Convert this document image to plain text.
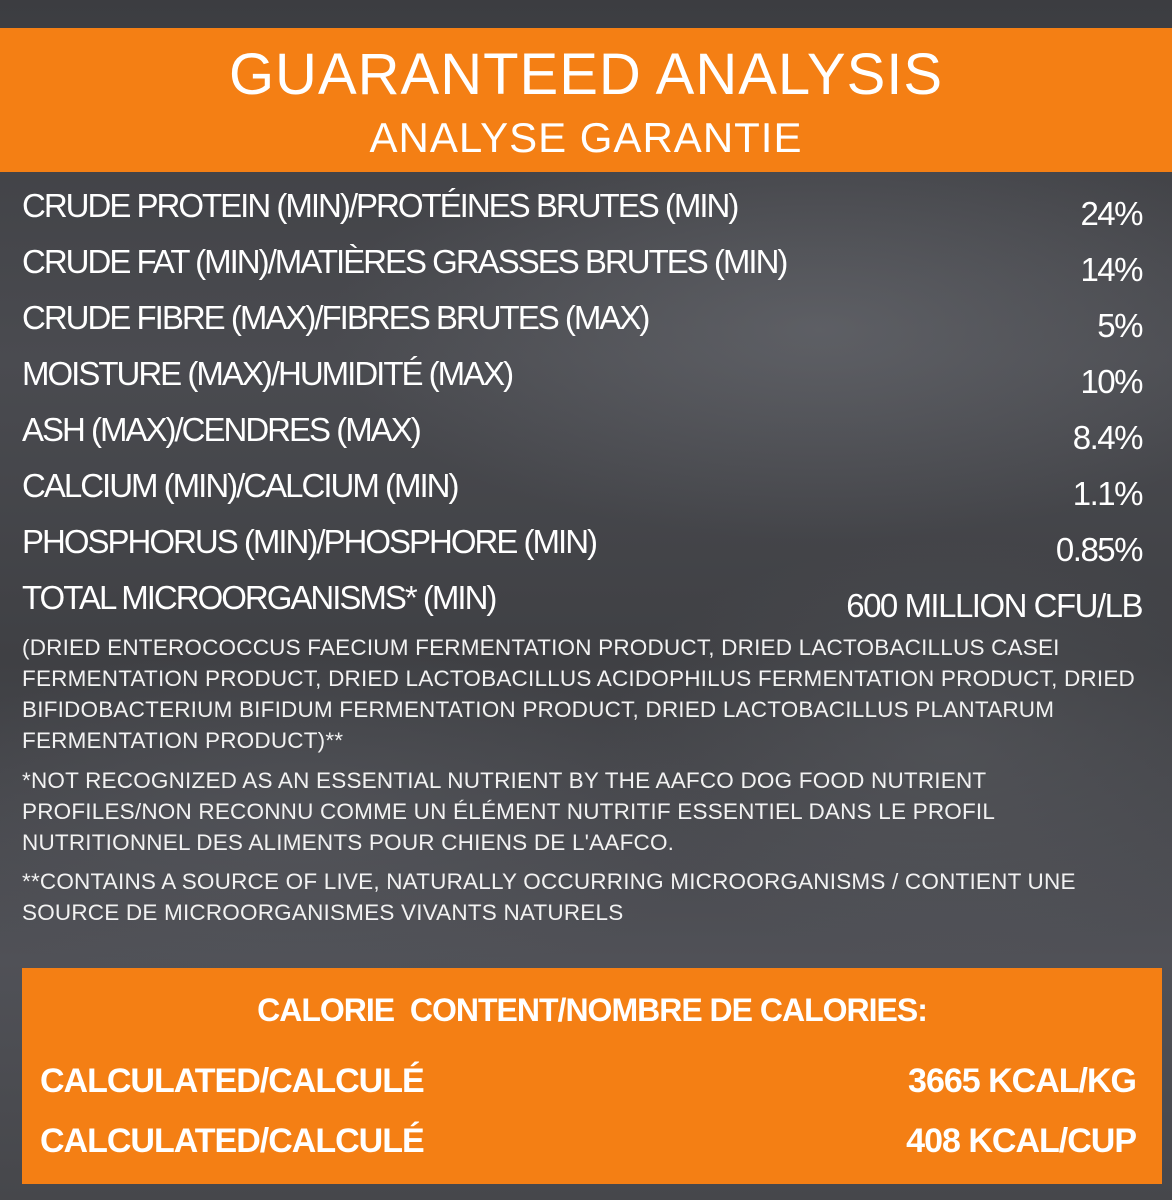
GUARANTEED ANALYSIS
ANALYSE GARANTIE
CRUDE PROTEIN (MIN)/PROTÉINES BRUTES (MIN)	24%
CRUDE FAT (MIN)/MATIÈRES GRASSES BRUTES (MIN)	14%
CRUDE FIBRE (MAX)/FIBRES BRUTES (MAX)	5%
MOISTURE (MAX)/HUMIDITÉ (MAX)	10%
ASH (MAX)/CENDRES (MAX)	8.4%
CALCIUM (MIN)/CALCIUM (MIN)	1.1%
PHOSPHORUS (MIN)/PHOSPHORE (MIN)	0.85%
TOTAL MICROORGANISMS* (MIN)	600 MILLION CFU/LB
(DRIED ENTEROCOCCUS FAECIUM FERMENTATION PRODUCT, DRIED LACTOBACILLUS CASEI FERMENTATION PRODUCT, DRIED LACTOBACILLUS ACIDOPHILUS FERMENTATION PRODUCT, DRIED BIFIDOBACTERIUM BIFIDUM FERMENTATION PRODUCT, DRIED LACTOBACILLUS PLANTARUM FERMENTATION PRODUCT)**
*NOT RECOGNIZED AS AN ESSENTIAL NUTRIENT BY THE AAFCO DOG FOOD NUTRIENT PROFILES/NON RECONNU COMME UN ÉLÉMENT NUTRITIF ESSENTIEL DANS LE PROFIL NUTRITIONNEL DES ALIMENTS POUR CHIENS DE L'AAFCO.
**CONTAINS A SOURCE OF LIVE, NATURALLY OCCURRING MICROORGANISMS / CONTIENT UNE SOURCE DE MICROORGANISMES VIVANTS NATURELS
CALORIE  CONTENT/NOMBRE DE CALORIES:
CALCULATED/CALCULÉ	3665 KCAL/KG
CALCULATED/CALCULÉ	408 KCAL/CUP
